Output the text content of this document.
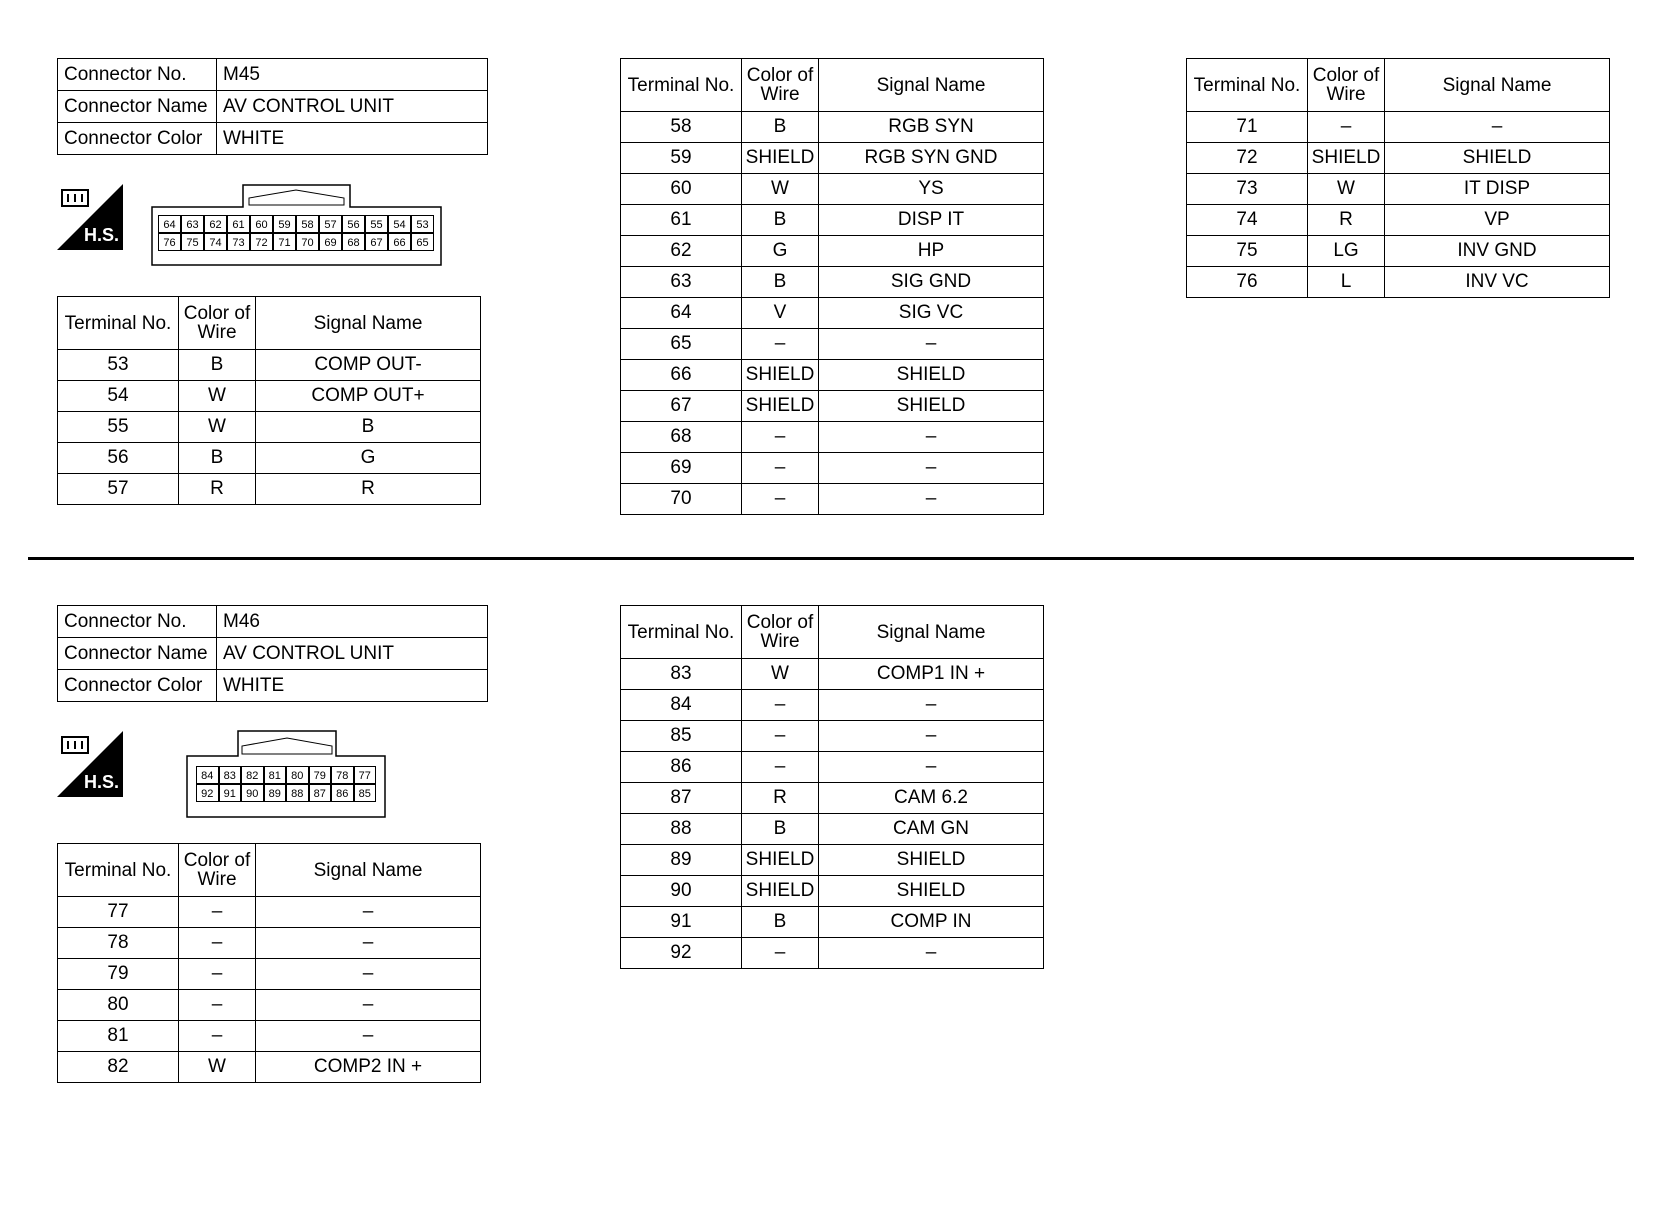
Connector No.	M45
Connector Name	AV CONTROL UNIT
Connector Color	WHITE
H.S.	64 63 62 61 60 59 58 57 56 55 54 53
76 75 74 73 72 71 70 69 68 67 66 65
Terminal No.	Color of Wire	Signal Name
53	B	COMP OUT-
54	W	COMP OUT+
55	W	B
56	B	G
57	R	R
Terminal No.	Color of Wire	Signal Name
58	B	RGB SYN
59	SHIELD	RGB SYN GND
60	W	YS
61	B	DISP IT
62	G	HP
63	B	SIG GND
64	V	SIG VC
65	–	–
66	SHIELD	SHIELD
67	SHIELD	SHIELD
68	–	–
69	–	–
70	–	–
Terminal No.	Color of Wire	Signal Name
71	–	–
72	SHIELD	SHIELD
73	W	IT DISP
74	R	VP
75	LG	INV GND
76	L	INV VC
Connector No.	M46
Connector Name	AV CONTROL UNIT
Connector Color	WHITE
H.S.	84 83 82 81 80 79 78 77
92 91 90 89 88 87 86 85
Terminal No.	Color of Wire	Signal Name
77	–	–
78	–	–
79	–	–
80	–	–
81	–	–
82	W	COMP2 IN +
Terminal No.	Color of Wire	Signal Name
83	W	COMP1 IN +
84	–	–
85	–	–
86	–	–
87	R	CAM 6.2
88	B	CAM GN
89	SHIELD	SHIELD
90	SHIELD	SHIELD
91	B	COMP IN
92	–	–
